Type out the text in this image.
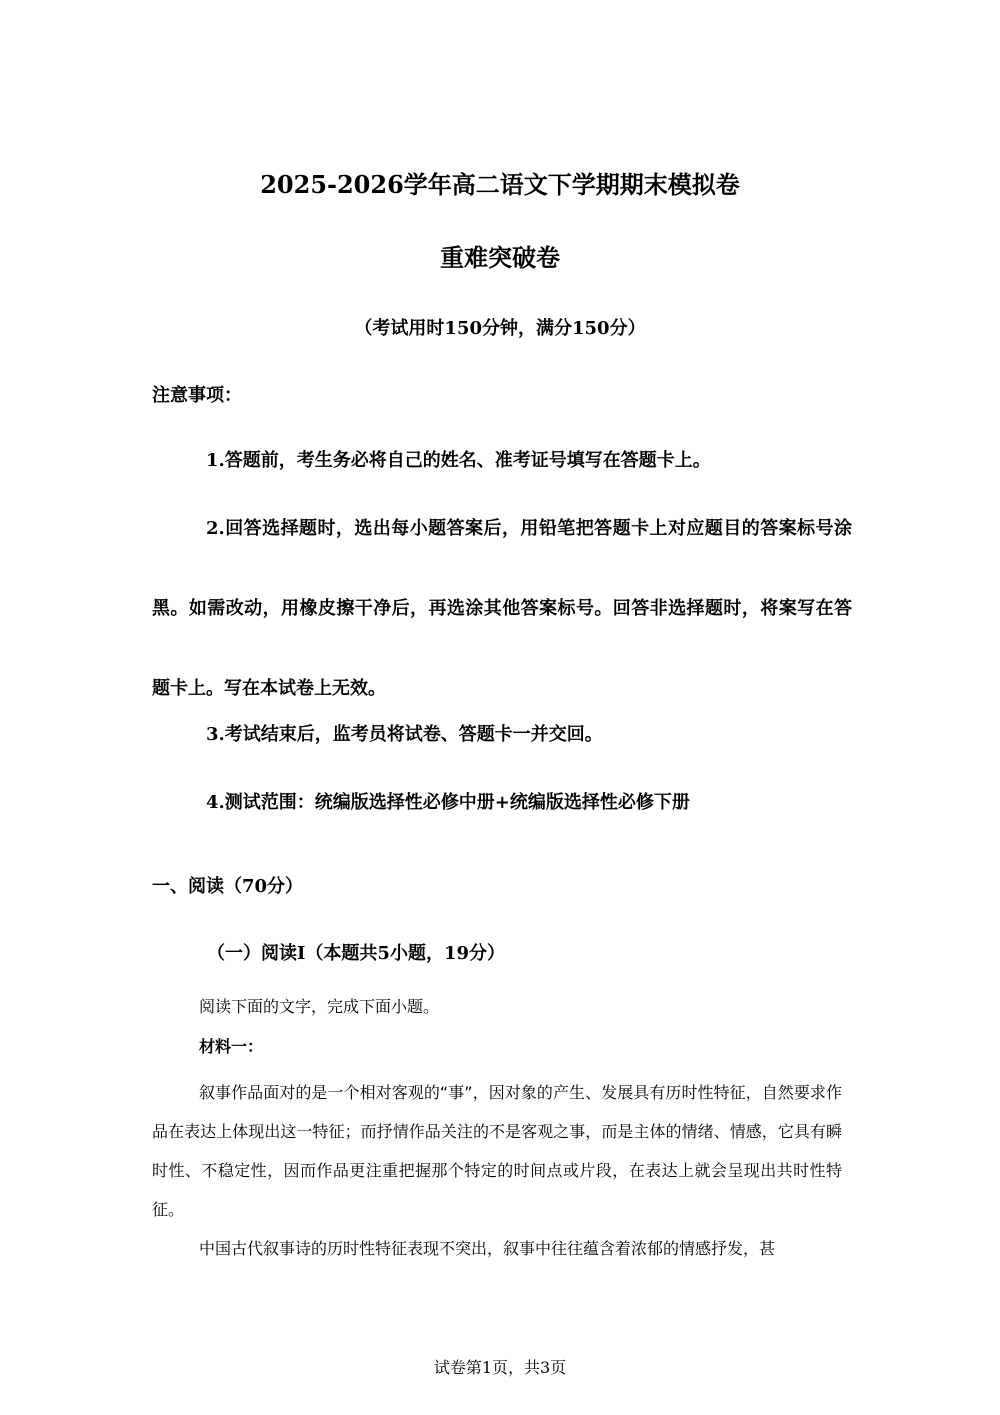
2025-2026学年高二语文下学期期末模拟卷
重难突破卷
（考试用时150分钟，满分150分）
注意事项：
1.答题前，考生务必将自己的姓名、准考证号填写在答题卡上。
2.回答选择题时，选出每小题答案后，用铅笔把答题卡上对应题目的答案标号涂黑。如需改动，用橡皮擦干净后，再选涂其他答案标号。回答非选择题时，将案写在答题卡上。写在本试卷上无效。
3.考试结束后，监考员将试卷、答题卡一并交回。
4.测试范围：统编版选择性必修中册+统编版选择性必修下册
一、阅读（70分）
（一）阅读Ⅰ（本题共5小题，19分）
阅读下面的文字，完成下面小题。
材料一：

叙事作品面对的是一个相对客观的“事”，因对象的产生、发展具有历时性特征，自然要求作品在表达上体现出这一特征；而抒情作品关注的不是客观之事，而是主体的情绪、情感，它具有瞬时性、不稳定性，因而作品更注重把握那个特定的时间点或片段，在表达上就会呈现出共时性特征。

中国古代叙事诗的历时性特征表现不突出，叙事中往往蕴含着浓郁的情感抒发，甚

试卷第1页，共3页
